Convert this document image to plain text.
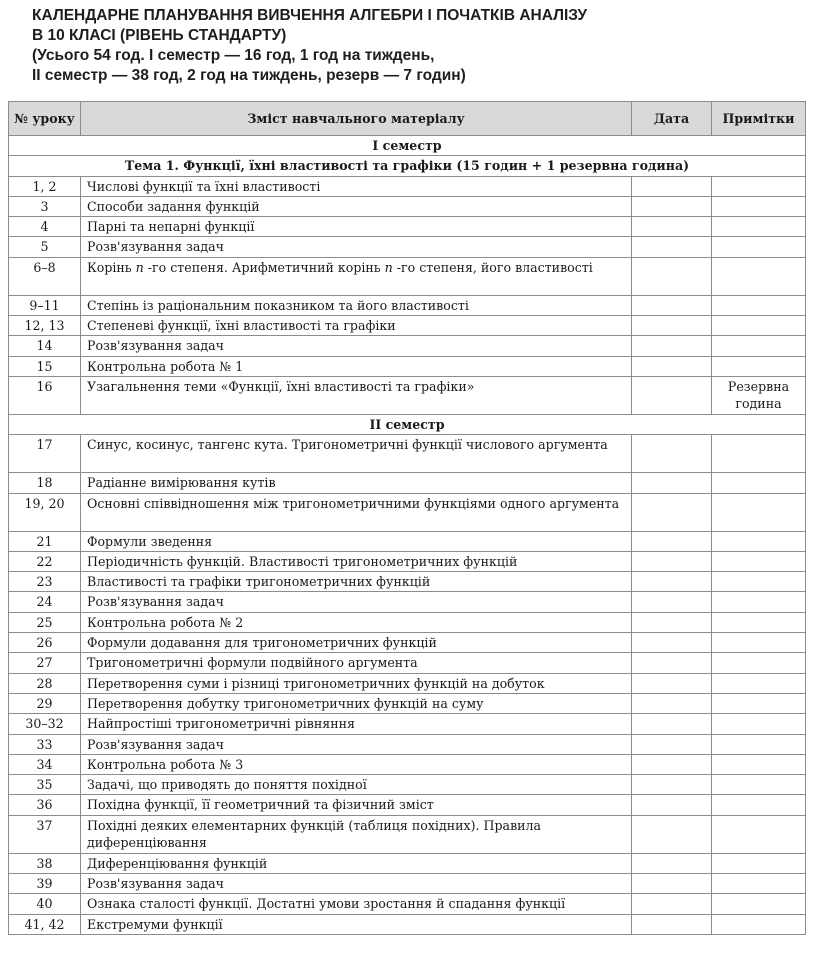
КАЛЕНДАРНЕ ПЛАНУВАННЯ ВИВЧЕННЯ АЛГЕБРИ І ПОЧАТКІВ АНАЛІЗУ
В 10 КЛАСІ (РІВЕНЬ СТАНДАРТУ)
(Усього 54 год. І семестр — 16 год, 1 год на тиждень,
II семестр — 38 год, 2 год на тиждень, резерв — 7 годин)
№ уроку	Зміст навчального матеріалу	Дата	Примітки
І семестр			
Тема 1. Функції, їхні властивості та графіки (15 годин + 1 резервна година)			
1, 2	Числові функції та їхні властивості		
3	Способи задання функцій		
4	Парні та непарні функції		
5	Розв'язування задач		
6–8	Корінь n -го степеня. Арифметичний корінь n -го степеня, його властивості		
9–11	Степінь із раціональним показником та його властивості		
12, 13	Степеневі функції, їхні властивості та графіки		
14	Розв'язування задач		
15	Контрольна робота № 1		
16	Узагальнення теми «Функції, їхні властивості та графіки»		Резервна година
II семестр			
17	Синус, косинус, тангенс кута. Тригонометричні функції числового аргумента		
18	Радіанне вимірювання кутів		
19, 20	Основні співвідношення між тригонометричними функціями одного аргумента		
21	Формули зведення		
22	Періодичність функцій. Властивості тригонометричних функцій		
23	Властивості та графіки тригонометричних функцій		
24	Розв'язування задач		
25	Контрольна робота № 2		
26	Формули додавання для тригонометричних функцій		
27	Тригонометричні формули подвійного аргумента		
28	Перетворення суми і різниці тригонометричних функцій на добуток		
29	Перетворення добутку тригонометричних функцій на суму		
30–32	Найпростіші тригонометричні рівняння		
33	Розв'язування задач		
34	Контрольна робота № 3		
35	Задачі, що приводять до поняття похідної		
36	Похідна функції, її геометричний та фізичний зміст		
37	Похідні деяких елементарних функцій (таблиця похідних). Правила диференціювання		
38	Диференціювання функцій		
39	Розв'язування задач		
40	Ознака сталості функції. Достатні умови зростання й спадання функції		
41, 42	Екстремуми функції		
